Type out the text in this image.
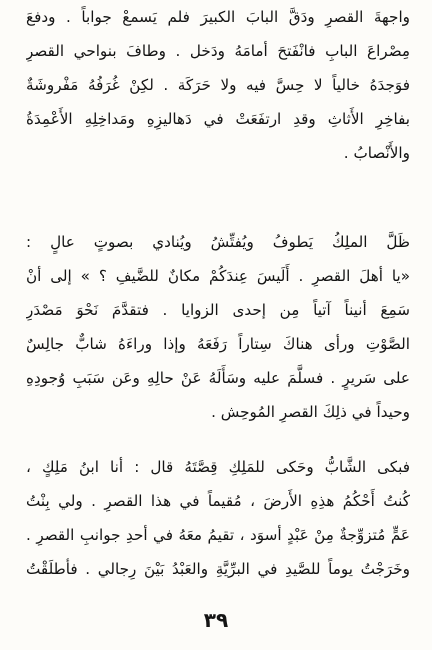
واجهةَ القصرِ ودَقَّ البابَ الكبيرَ فلم يَسمعْ جواباً . ودفعَ
مِصْراعَ البابِ فانْفَتحَ أمامَهُ ودَخل . وطافَ بنواحي القصرِ
فوَجدَهُ خالياً لا حِسَّ فيه ولا حَرَكَة . لكِنْ غُرَفُهُ مَفْروشَةٌ
بفاخِرِ الأَثاثِ وقدِ ارتفَعَتْ في دَهاليزِهِ ومَداخِلِهِ الأَعْمِدَةُ
والأَنْصابُ .
ظَلَّ الملِكُ يَطوفُ ويُفتِّشُ ويُنادي بصوتٍ عالٍ :
«يا أهلَ القصرِ . أَلَيسَ عِندَكُمْ مكانٌ للضَّيفِ ؟ » إلى أنْ
سَمِعَ أنيناً آتياً مِن إحدى الزوايا . فتقدَّمَ نَحْوَ مَصْدَرِ
الصَّوْتِ ورأى هناكَ سِتاراً رَفَعَهُ وإذا وراءَهُ شابٌّ جالِسٌ
على سَريرٍ . فسلَّمَ عليه وسَأَلَهُ عَنْ حالِهِ وعَن سَبَبِ وُجودِهِ
وحيداً في ذلِكَ القصرِ المُوحِش .
فبكى الشَّابُّ وحَكى للمَلِكِ قِصَّتَهُ قال : أنا ابنُ مَلِكٍ ،
كُنتُ أَحْكُمُ هذِهِ الأَرضَ ، مُقيماً في هذا القصرِ . ولي بِنْتُ
عَمٍّ مُتزوِّجةٌ مِنْ عَبْدٍ أسوَد ، تقيمُ معَهُ في أحدِ جوانبِ القصرِ .
وخَرَجْتُ يوماً للصَّيدِ في البرِّيَّةِ والعَبْدُ بَيْنَ رِجالي . فأطلَقْتُ
٣٩
